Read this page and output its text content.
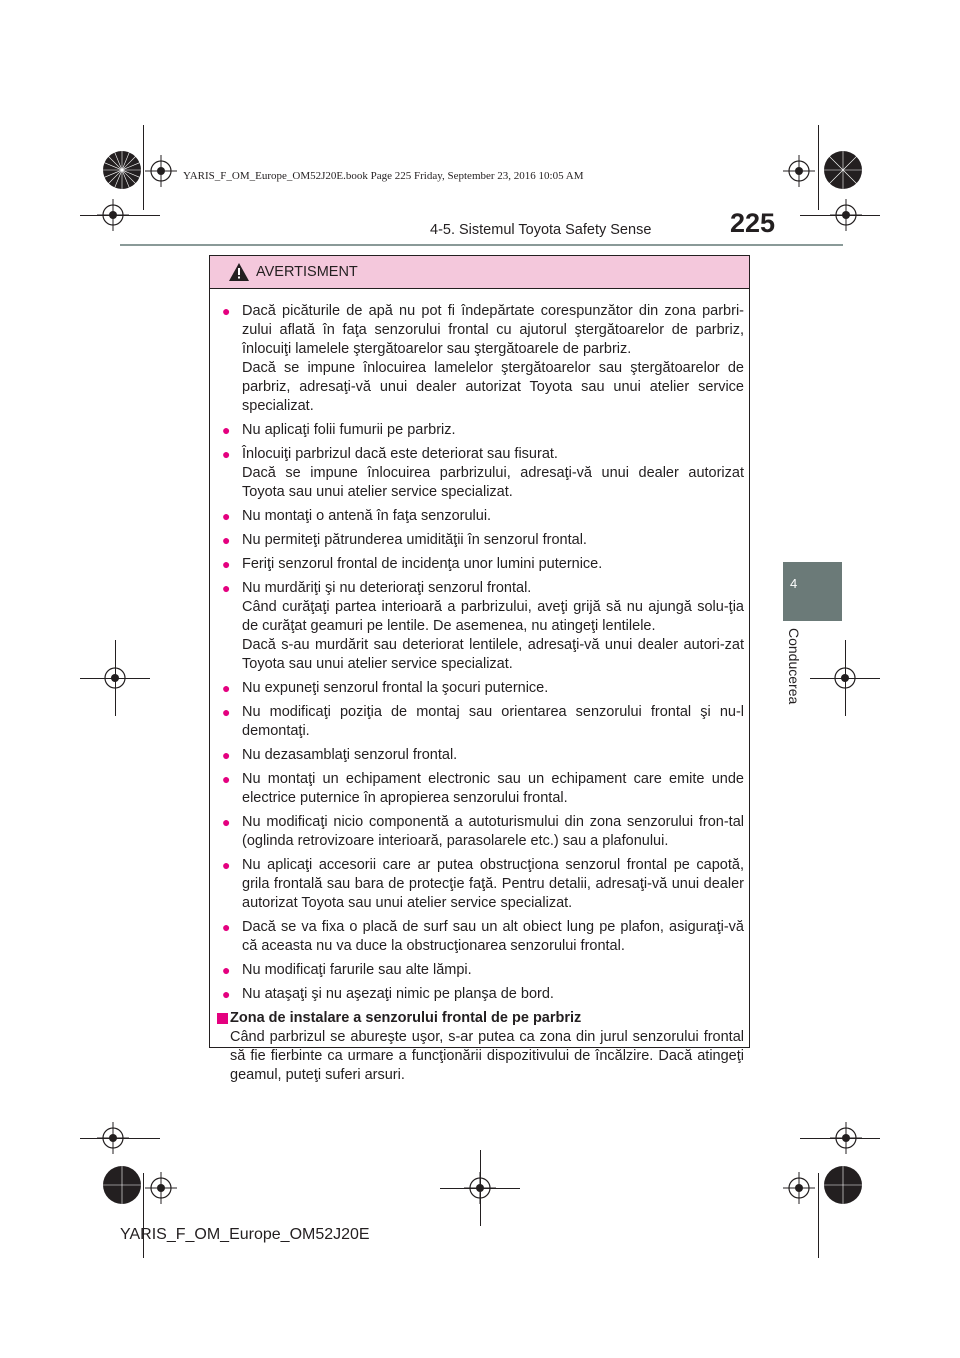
YARIS_F_OM_Europe_OM52J20E.book Page 225 Friday, September 23, 2016 10:05 AM
4-5. Sistemul Toyota Safety Sense	225
4
Conducerea
AVERTISMENT
● Dacă picăturile de apă nu pot fi îndepărtate corespunzător din zona parbri-zului aflată în faţa senzorului frontal cu ajutorul ştergătoarelor de parbriz, înlocuiţi lamelele ştergătoarelor sau ştergătoarele de parbriz.

Dacă se impune înlocuirea lamelelor ştergătoarelor sau ştergătoarelor de parbriz, adresaţi-vă unui dealer autorizat Toyota sau unui atelier service specializat.

● Nu aplicaţi folii fumurii pe parbriz.

● Înlocuiţi parbrizul dacă este deteriorat sau fisurat.

Dacă se impune înlocuirea parbrizului, adresaţi-vă unui dealer autorizat Toyota sau unui atelier service specializat.

● Nu montaţi o antenă în faţa senzorului.

● Nu permiteţi pătrunderea umidităţii în senzorul frontal.

● Feriţi senzorul frontal de incidenţa unor lumini puternice.

● Nu murdăriţi şi nu deterioraţi senzorul frontal.

Când curăţaţi partea interioară a parbrizului, aveţi grijă să nu ajungă solu-ţia de curăţat geamuri pe lentile. De asemenea, nu atingeţi lentilele.

Dacă s-au murdărit sau deteriorat lentilele, adresaţi-vă unui dealer autori-zat Toyota sau unui atelier service specializat.

● Nu expuneţi senzorul frontal la şocuri puternice.

● Nu modificaţi poziţia de montaj sau orientarea senzorului frontal şi nu-l demontaţi.

● Nu dezasamblaţi senzorul frontal.

● Nu montaţi un echipament electronic sau un echipament care emite unde electrice puternice în apropierea senzorului frontal.

● Nu modificaţi nicio componentă a autoturismului din zona senzorului fron-tal (oglinda retrovizoare interioară, parasolarele etc.) sau a plafonului.

● Nu aplicaţi accesorii care ar putea obstrucţiona senzorul frontal pe capotă, grila frontală sau bara de protecţie faţă. Pentru detalii, adresaţi-vă unui dealer autorizat Toyota sau unui atelier service specializat.

● Dacă se va fixa o placă de surf sau un alt obiect lung pe plafon, asiguraţi-vă că aceasta nu va duce la obstrucţionarea senzorului frontal.

● Nu modificaţi farurile sau alte lămpi.

● Nu ataşaţi şi nu aşezaţi nimic pe planşa de bord.

Zona de instalare a senzorului frontal de pe parbriz

Când parbrizul se abureşte uşor, s-ar putea ca zona din jurul senzorului frontal să fie fierbinte ca urmare a funcţionării dispozitivului de încălzire. Dacă atingeţi geamul, puteţi suferi arsuri.

YARIS_F_OM_Europe_OM52J20E
